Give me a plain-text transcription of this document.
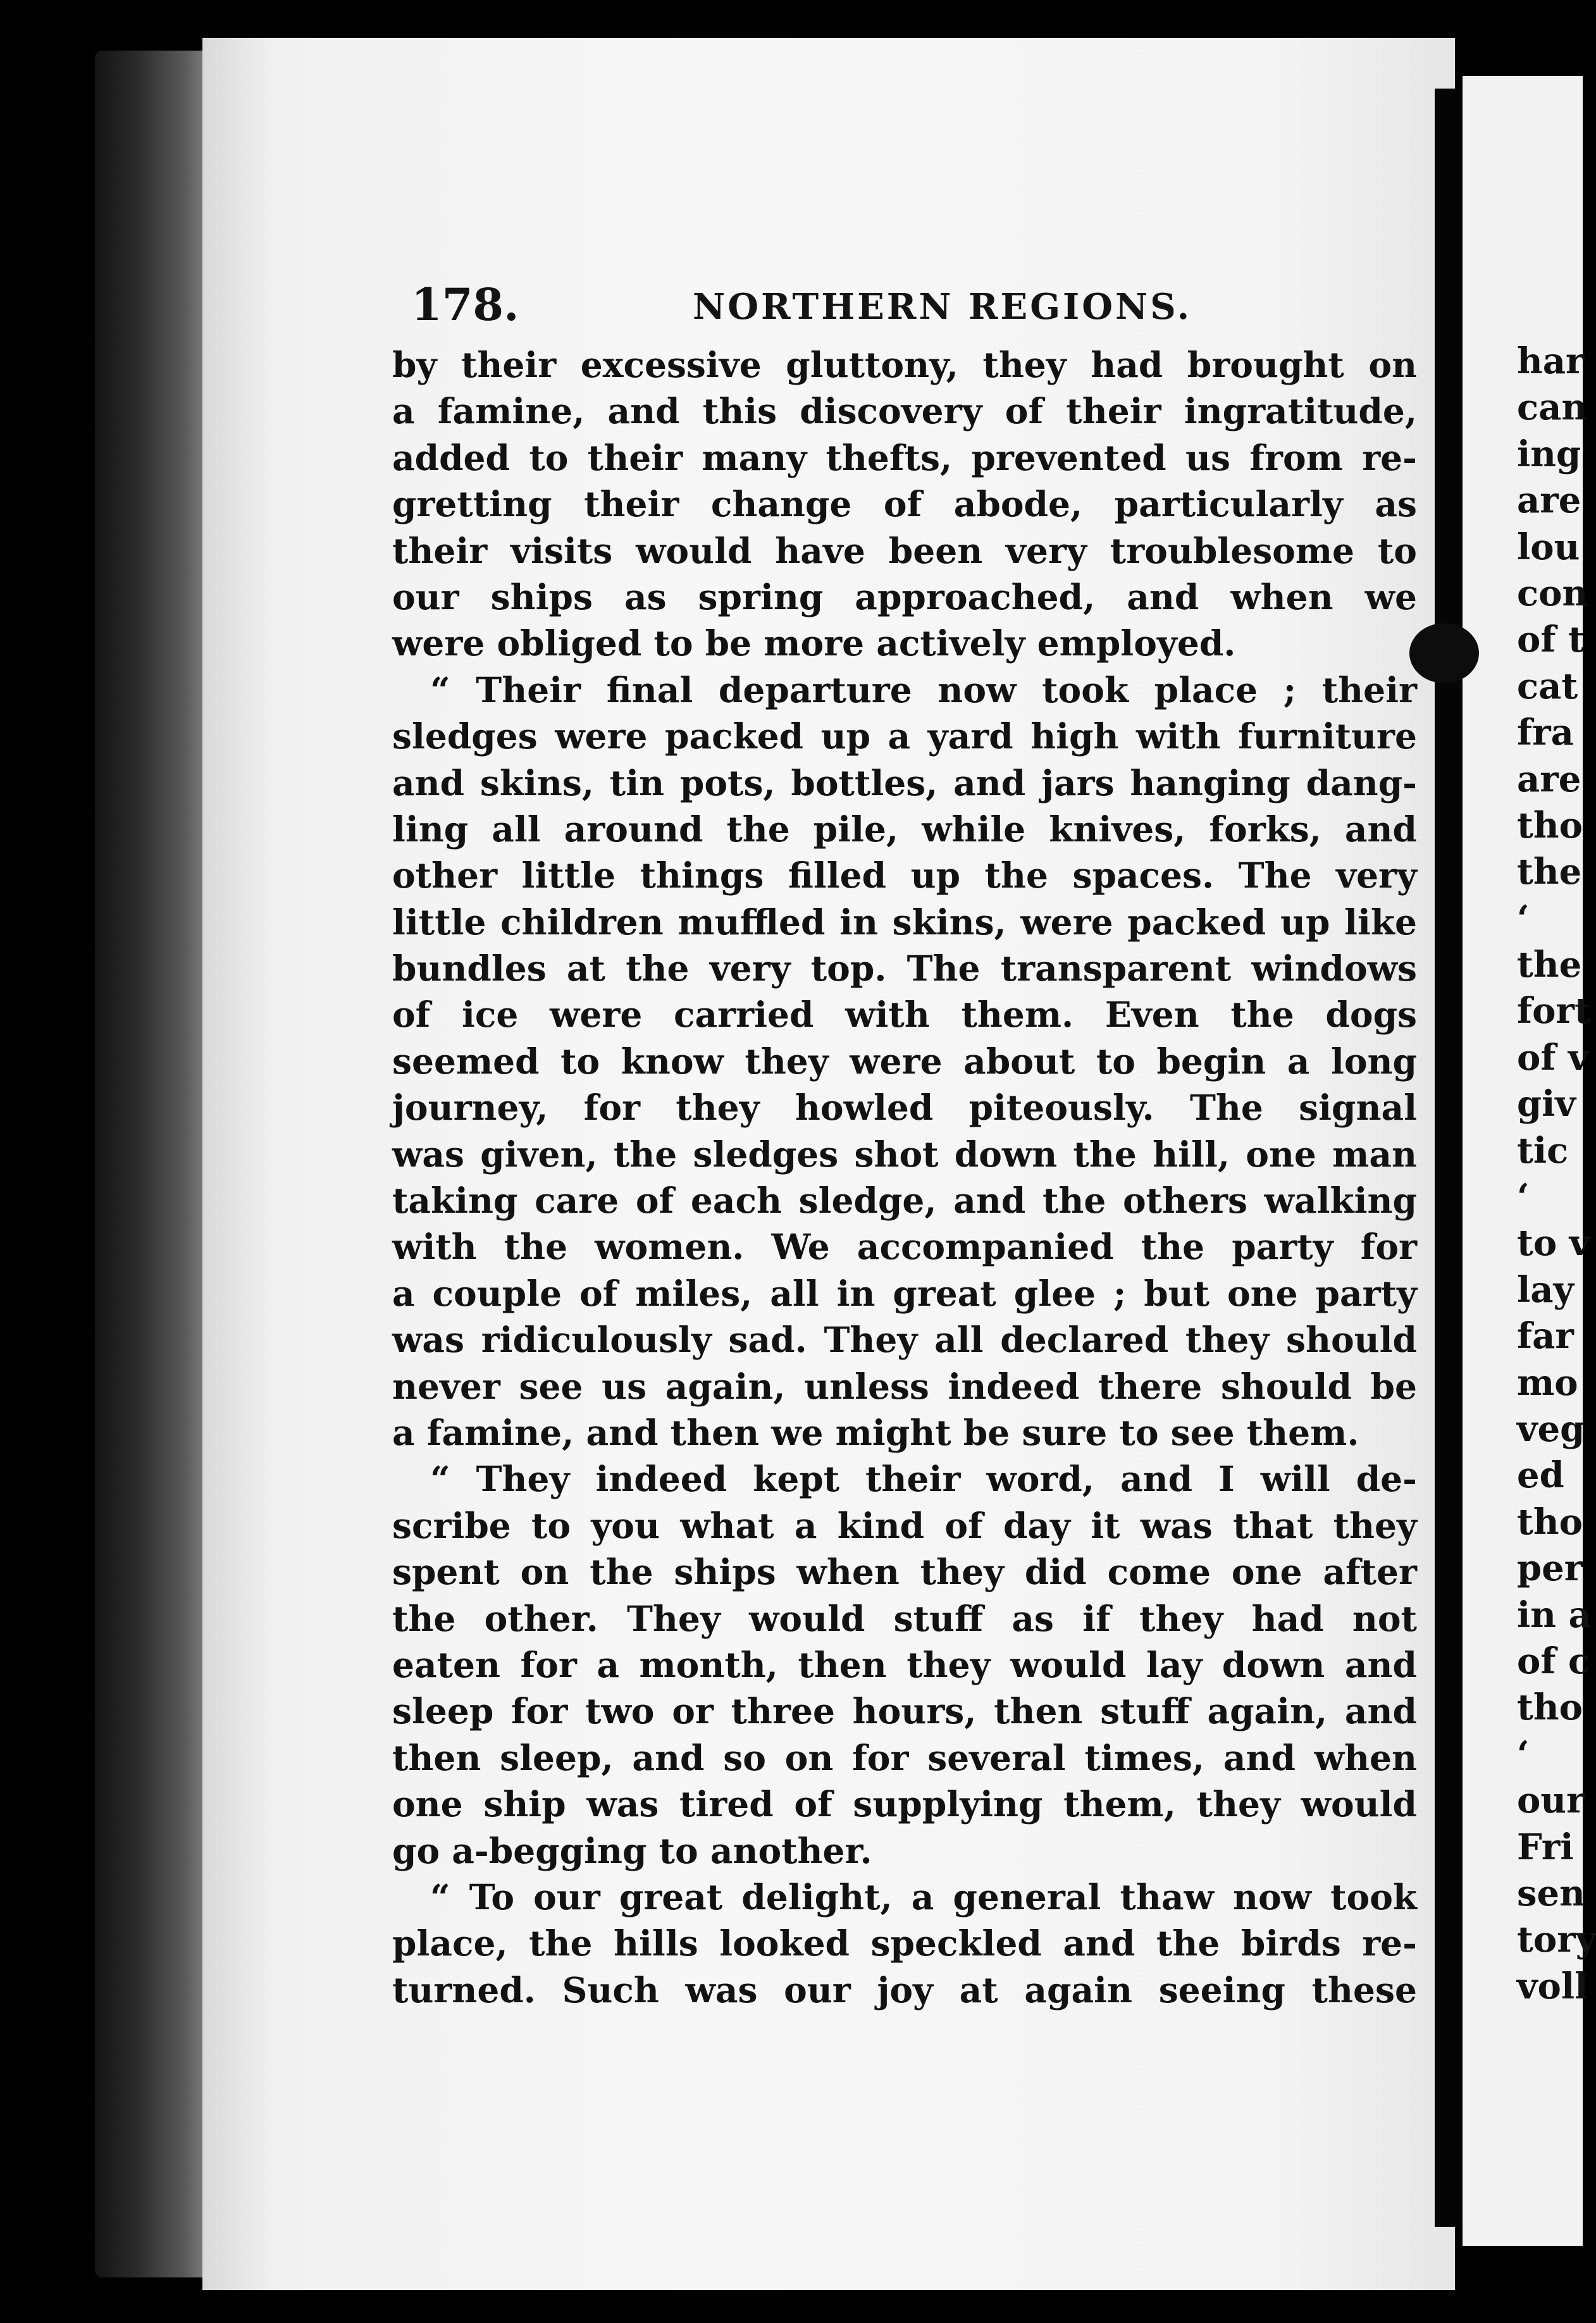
178.	NORTHERN REGIONS.
by their excessive gluttony, they had brought on
a famine, and this discovery of their ingratitude,
added to their many thefts, prevented us from re-
gretting their change of abode, particularly as
their visits would have been very troublesome to
our ships as spring approached, and when we
were obliged to be more actively employed.
“ Their final departure now took place ; their
sledges were packed up a yard high with furniture
and skins, tin pots, bottles, and jars hanging dang-
ling all around the pile, while knives, forks, and
other little things filled up the spaces. The very
little children muffled in skins, were packed up like
bundles at the very top. The transparent windows
of ice were carried with them. Even the dogs
seemed to know they were about to begin a long
journey, for they howled piteously. The signal
was given, the sledges shot down the hill, one man
taking care of each sledge, and the others walking
with the women. We accompanied the party for
a couple of miles, all in great glee ; but one party
was ridiculously sad. They all declared they should
never see us again, unless indeed there should be
a famine, and then we might be sure to see them.
“ They indeed kept their word, and I will de-
scribe to you what a kind of day it was that they
spent on the ships when they did come one after
the other. They would stuff as if they had not
eaten for a month, then they would lay down and
sleep for two or three hours, then stuff again, and
then sleep, and so on for several times, and when
one ship was tired of supplying them, they would
go a-begging to another.
“ To our great delight, a general thaw now took
place, the hills looked speckled and the birds re-
turned. Such was our joy at again seeing these
har
can
ing
are
lou
con
of t
cat
fra
are
tho
the
‘
the
fort
of v
giv
tic
‘
to v
lay
far
mo
veg
ed
tho
per
in a
of c
tho
‘
our
Fri
sen
tory
voll
